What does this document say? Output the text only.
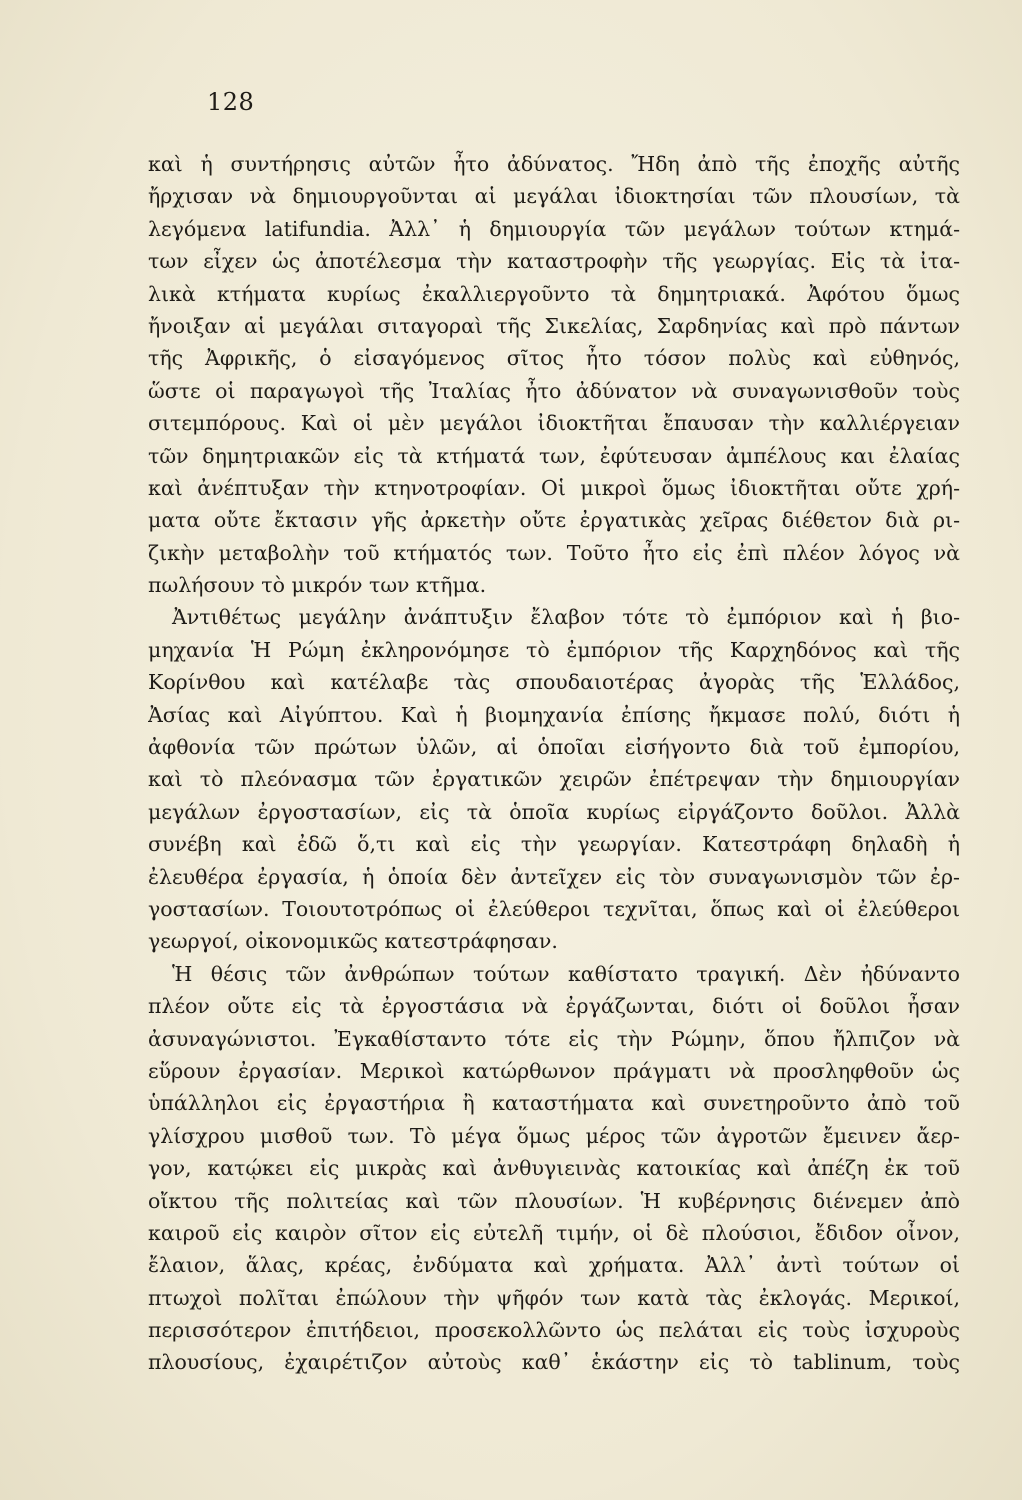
128
καὶ ἡ συντήρησις αὐτῶν ἦτο ἀδύνατος. Ἤδη ἀπὸ τῆς ἐποχῆς αὐτῆς
ἤρχισαν νὰ δημιουργοῦνται αἱ μεγάλαι ἰδιοκτησίαι τῶν πλουσίων, τὰ
λεγόμενα latifundia. Ἀλλ᾿ ἡ δημιουργία τῶν μεγάλων τούτων κτημά-
των εἶχεν ὡς ἀποτέλεσμα τὴν καταστροφὴν τῆς γεωργίας. Εἰς τὰ ἰτα-
λικὰ κτήματα κυρίως ἐκαλλιεργοῦντο τὰ δημητριακά. Ἀφότου ὅμως
ἤνοιξαν αἱ μεγάλαι σιταγοραὶ τῆς Σικελίας, Σαρδηνίας καὶ πρὸ πάντων
τῆς Ἀφρικῆς, ὁ εἰσαγόμενος σῖτος ἦτο τόσον πολὺς καὶ εὐθηνός,
ὥστε οἱ παραγωγοὶ τῆς Ἰταλίας ἦτο ἀδύνατον νὰ συναγωνισθοῦν τοὺς
σιτεμπόρους. Καὶ οἱ μὲν μεγάλοι ἰδιοκτῆται ἔπαυσαν τὴν καλλιέργειαν
τῶν δημητριακῶν εἰς τὰ κτήματά των, ἐφύτευσαν ἀμπέλους και ἐλαίας
καὶ ἀνέπτυξαν τὴν κτηνοτροφίαν. Οἱ μικροὶ ὅμως ἰδιοκτῆται οὔτε χρή-
ματα οὔτε ἔκτασιν γῆς ἀρκετὴν οὔτε ἐργατικὰς χεῖρας διέθετον διὰ ρι-
ζικὴν μεταβολὴν τοῦ κτήματός των. Τοῦτο ἦτο εἰς ἐπὶ πλέον λόγος νὰ
πωλήσουν τὸ μικρόν των κτῆμα.
Ἀντιθέτως μεγάλην ἀνάπτυξιν ἔλαβον τότε τὸ ἐμπόριον καὶ ἡ βιο-
μηχανία Ἡ Ρώμη ἐκληρονόμησε τὸ ἐμπόριον τῆς Καρχηδόνος καὶ τῆς
Κορίνθου καὶ κατέλαβε τὰς σπουδαιοτέρας ἀγορὰς τῆς Ἑλλάδος,
Ἀσίας καὶ Αἰγύπτου. Καὶ ἡ βιομηχανία ἐπίσης ἤκμασε πολύ, διότι ἡ
ἀφθονία τῶν πρώτων ὑλῶν, αἱ ὁποῖαι εἰσήγοντο διὰ τοῦ ἐμπορίου,
καὶ τὸ πλεόνασμα τῶν ἐργατικῶν χειρῶν ἐπέτρεψαν τὴν δημιουργίαν
μεγάλων ἐργοστασίων, εἰς τὰ ὁποῖα κυρίως εἰργάζοντο δοῦλοι. Ἀλλὰ
συνέβη καὶ ἐδῶ ὅ,τι καὶ εἰς τὴν γεωργίαν. Κατεστράφη δηλαδὴ ἡ
ἐλευθέρα ἐργασία, ἡ ὁποία δὲν ἀντεῖχεν εἰς τὸν συναγωνισμὸν τῶν ἐρ-
γοστασίων. Τοιουτοτρόπως οἱ ἐλεύθεροι τεχνῖται, ὅπως καὶ οἱ ἐλεύθεροι
γεωργοί, οἰκονομικῶς κατεστράφησαν.
Ἡ θέσις τῶν ἀνθρώπων τούτων καθίστατο τραγική. Δὲν ἠδύναντο
πλέον οὔτε εἰς τὰ ἐργοστάσια νὰ ἐργάζωνται, διότι οἱ δοῦλοι ἦσαν
ἀσυναγώνιστοι. Ἐγκαθίσταντο τότε εἰς τὴν Ρώμην, ὅπου ἤλπιζον νὰ
εὕρουν ἐργασίαν. Μερικοὶ κατώρθωνον πράγματι νὰ προσληφθοῦν ὡς
ὑπάλληλοι εἰς ἐργαστήρια ἢ καταστήματα καὶ συνετηροῦντο ἀπὸ τοῦ
γλίσχρου μισθοῦ των. Τὸ μέγα ὅμως μέρος τῶν ἀγροτῶν ἔμεινεν ἄερ-
γον, κατῴκει εἰς μικρὰς καὶ ἀνθυγιεινὰς κατοικίας καὶ ἀπέζη ἐκ τοῦ
οἴκτου τῆς πολιτείας καὶ τῶν πλουσίων. Ἡ κυβέρνησις διένεμεν ἀπὸ
καιροῦ εἰς καιρὸν σῖτον εἰς εὐτελῆ τιμήν, οἱ δὲ πλούσιοι, ἔδιδον οἶνον,
ἔλαιον, ἅλας, κρέας, ἐνδύματα καὶ χρήματα. Ἀλλ᾿ ἀντὶ τούτων οἱ
πτωχοὶ πολῖται ἐπώλουν τὴν ψῆφόν των κατὰ τὰς ἐκλογάς. Μερικοί,
περισσότερον ἐπιτήδειοι, προσεκολλῶντο ὡς πελάται εἰς τοὺς ἰσχυροὺς
πλουσίους, ἐχαιρέτιζον αὐτοὺς καθ᾿ ἑκάστην εἰς τὸ tablinum, τοὺς
